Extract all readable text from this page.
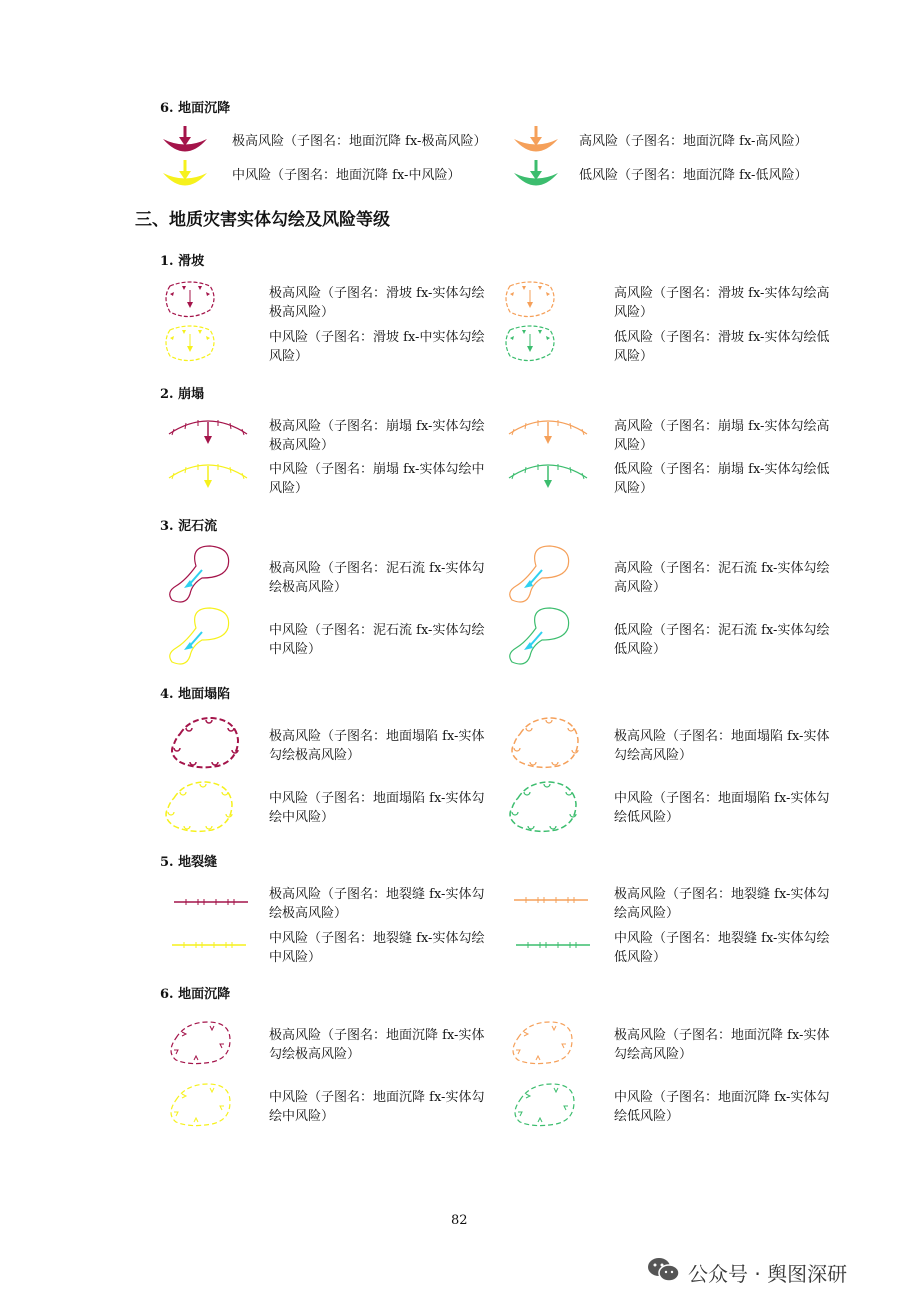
6. 地面沉降
极高风险（子图名：地面沉降 fx-极高风险）	高风险（子图名：地面沉降 fx-高风险）
中风险（子图名：地面沉降 fx-中风险）	低风险（子图名：地面沉降 fx-低风险）
三、地质灾害实体勾绘及风险等级
1. 滑坡
极高风险（子图名：滑坡 fx-实体勾绘极高风险）
高风险（子图名：滑坡 fx-实体勾绘高风险）
中风险（子图名：滑坡 fx-中实体勾绘风险）
低风险（子图名：滑坡 fx-实体勾绘低风险）
2. 崩塌
极高风险（子图名：崩塌 fx-实体勾绘极高风险）
高风险（子图名：崩塌 fx-实体勾绘高风险）
中风险（子图名：崩塌 fx-实体勾绘中风险）
低风险（子图名：崩塌 fx-实体勾绘低风险）
3. 泥石流
极高风险（子图名：泥石流 fx-实体勾绘极高风险）
高风险（子图名：泥石流 fx-实体勾绘高风险）
中风险（子图名：泥石流 fx-实体勾绘中风险）
低风险（子图名：泥石流 fx-实体勾绘低风险）
4. 地面塌陷
极高风险（子图名：地面塌陷 fx-实体勾绘极高风险）
极高风险（子图名：地面塌陷 fx-实体勾绘高风险）
中风险（子图名：地面塌陷 fx-实体勾绘中风险）
中风险（子图名：地面塌陷 fx-实体勾绘低风险）
5. 地裂缝
极高风险（子图名：地裂缝 fx-实体勾绘极高风险）
极高风险（子图名：地裂缝 fx-实体勾绘高风险）
中风险（子图名：地裂缝 fx-实体勾绘中风险）
中风险（子图名：地裂缝 fx-实体勾绘低风险）
6. 地面沉降
极高风险（子图名：地面沉降 fx-实体勾绘极高风险）
极高风险（子图名：地面沉降 fx-实体勾绘高风险）
中风险（子图名：地面沉降 fx-实体勾绘中风险）
中风险（子图名：地面沉降 fx-实体勾绘低风险）
82
公众号 · 舆图深研
